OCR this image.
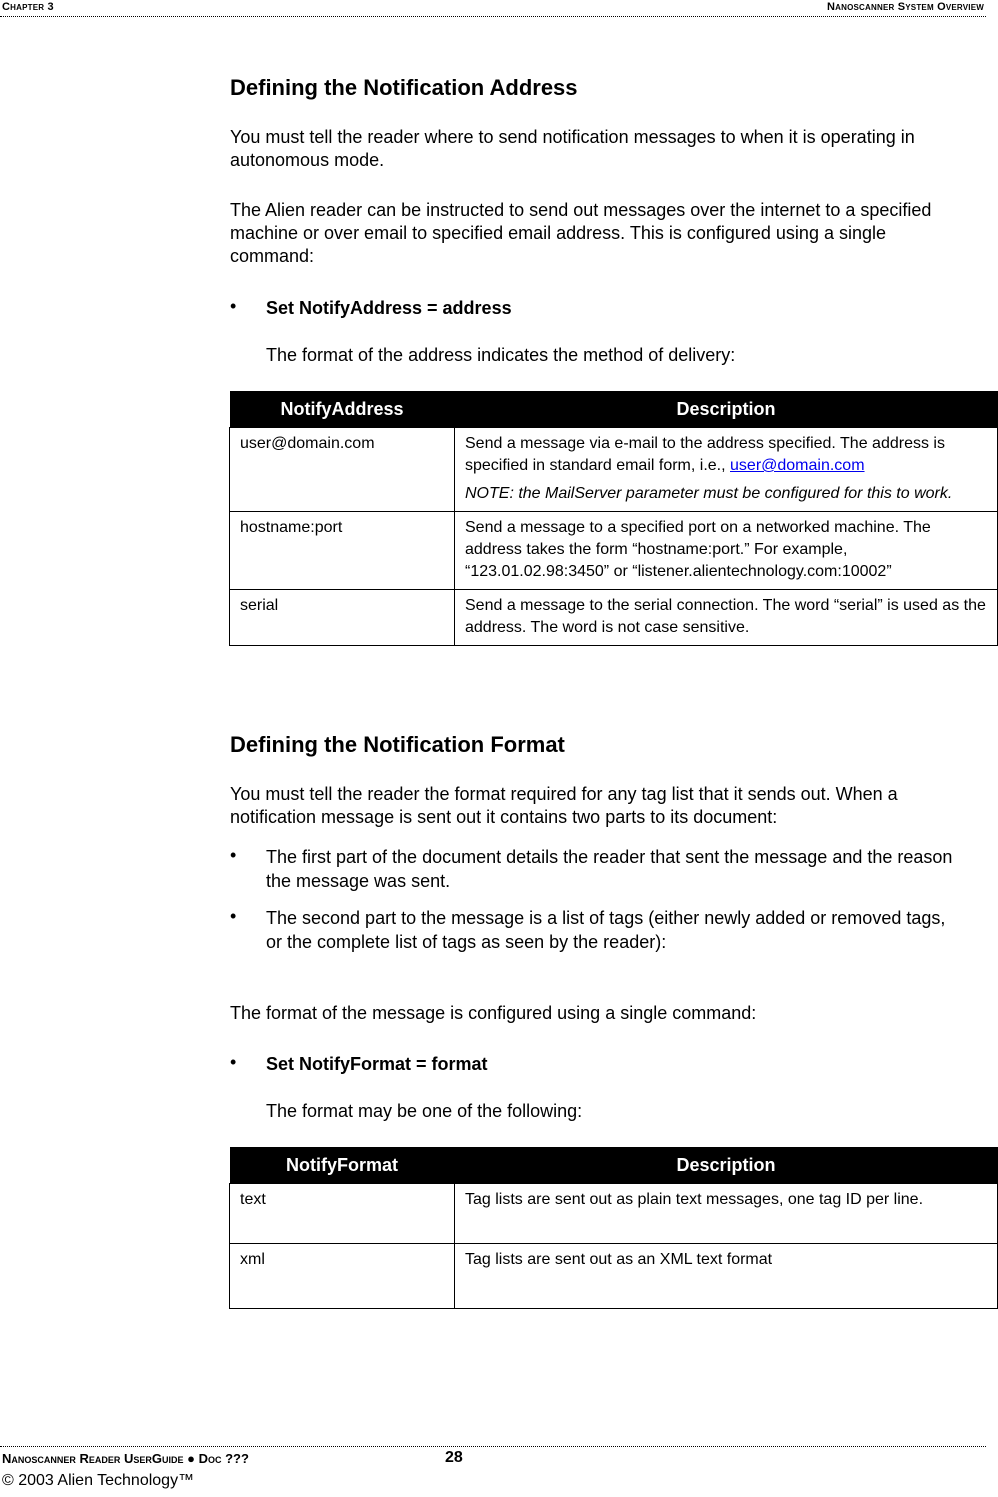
Chapter 3	Nanoscanner System Overview
Defining the Notification Address

You must tell the reader where to send notification messages to when it is operating in autonomous mode.

The Alien reader can be instructed to send out messages over the internet to a specified machine or over email to specified email address. This is configured using a single command:

• Set NotifyAddress = address

The format of the address indicates the method of delivery:

NotifyAddress	Description
user@domain.com	Send a message via e-mail to the address specified. The address is specified in standard email form, i.e., user@domain.com
NOTE: the MailServer parameter must be configured for this to work.

hostname:port	Send a message to a specified port on a networked machine. The address takes the form “hostname:port.” For example, “123.01.02.98:3450” or “listener.alientechnology.com:10002”
serial	Send a message to the serial connection. The word “serial” is used as the address. The word is not case sensitive.
Defining the Notification Format

You must tell the reader the format required for any tag list that it sends out. When a notification message is sent out it contains two parts to its document:

• The first part of the document details the reader that sent the message and the reason the message was sent.
• The second part to the message is a list of tags (either newly added or removed tags, or the complete list of tags as seen by the reader):

The format of the message is configured using a single command:

• Set NotifyFormat = format

The format may be one of the following:

NotifyFormat	Description
text	Tag lists are sent out as plain text messages, one tag ID per line.
xml	Tag lists are sent out as an XML text format
Nanoscanner Reader UserGuide ● Doc ???	28
© 2003 Alien Technology™
